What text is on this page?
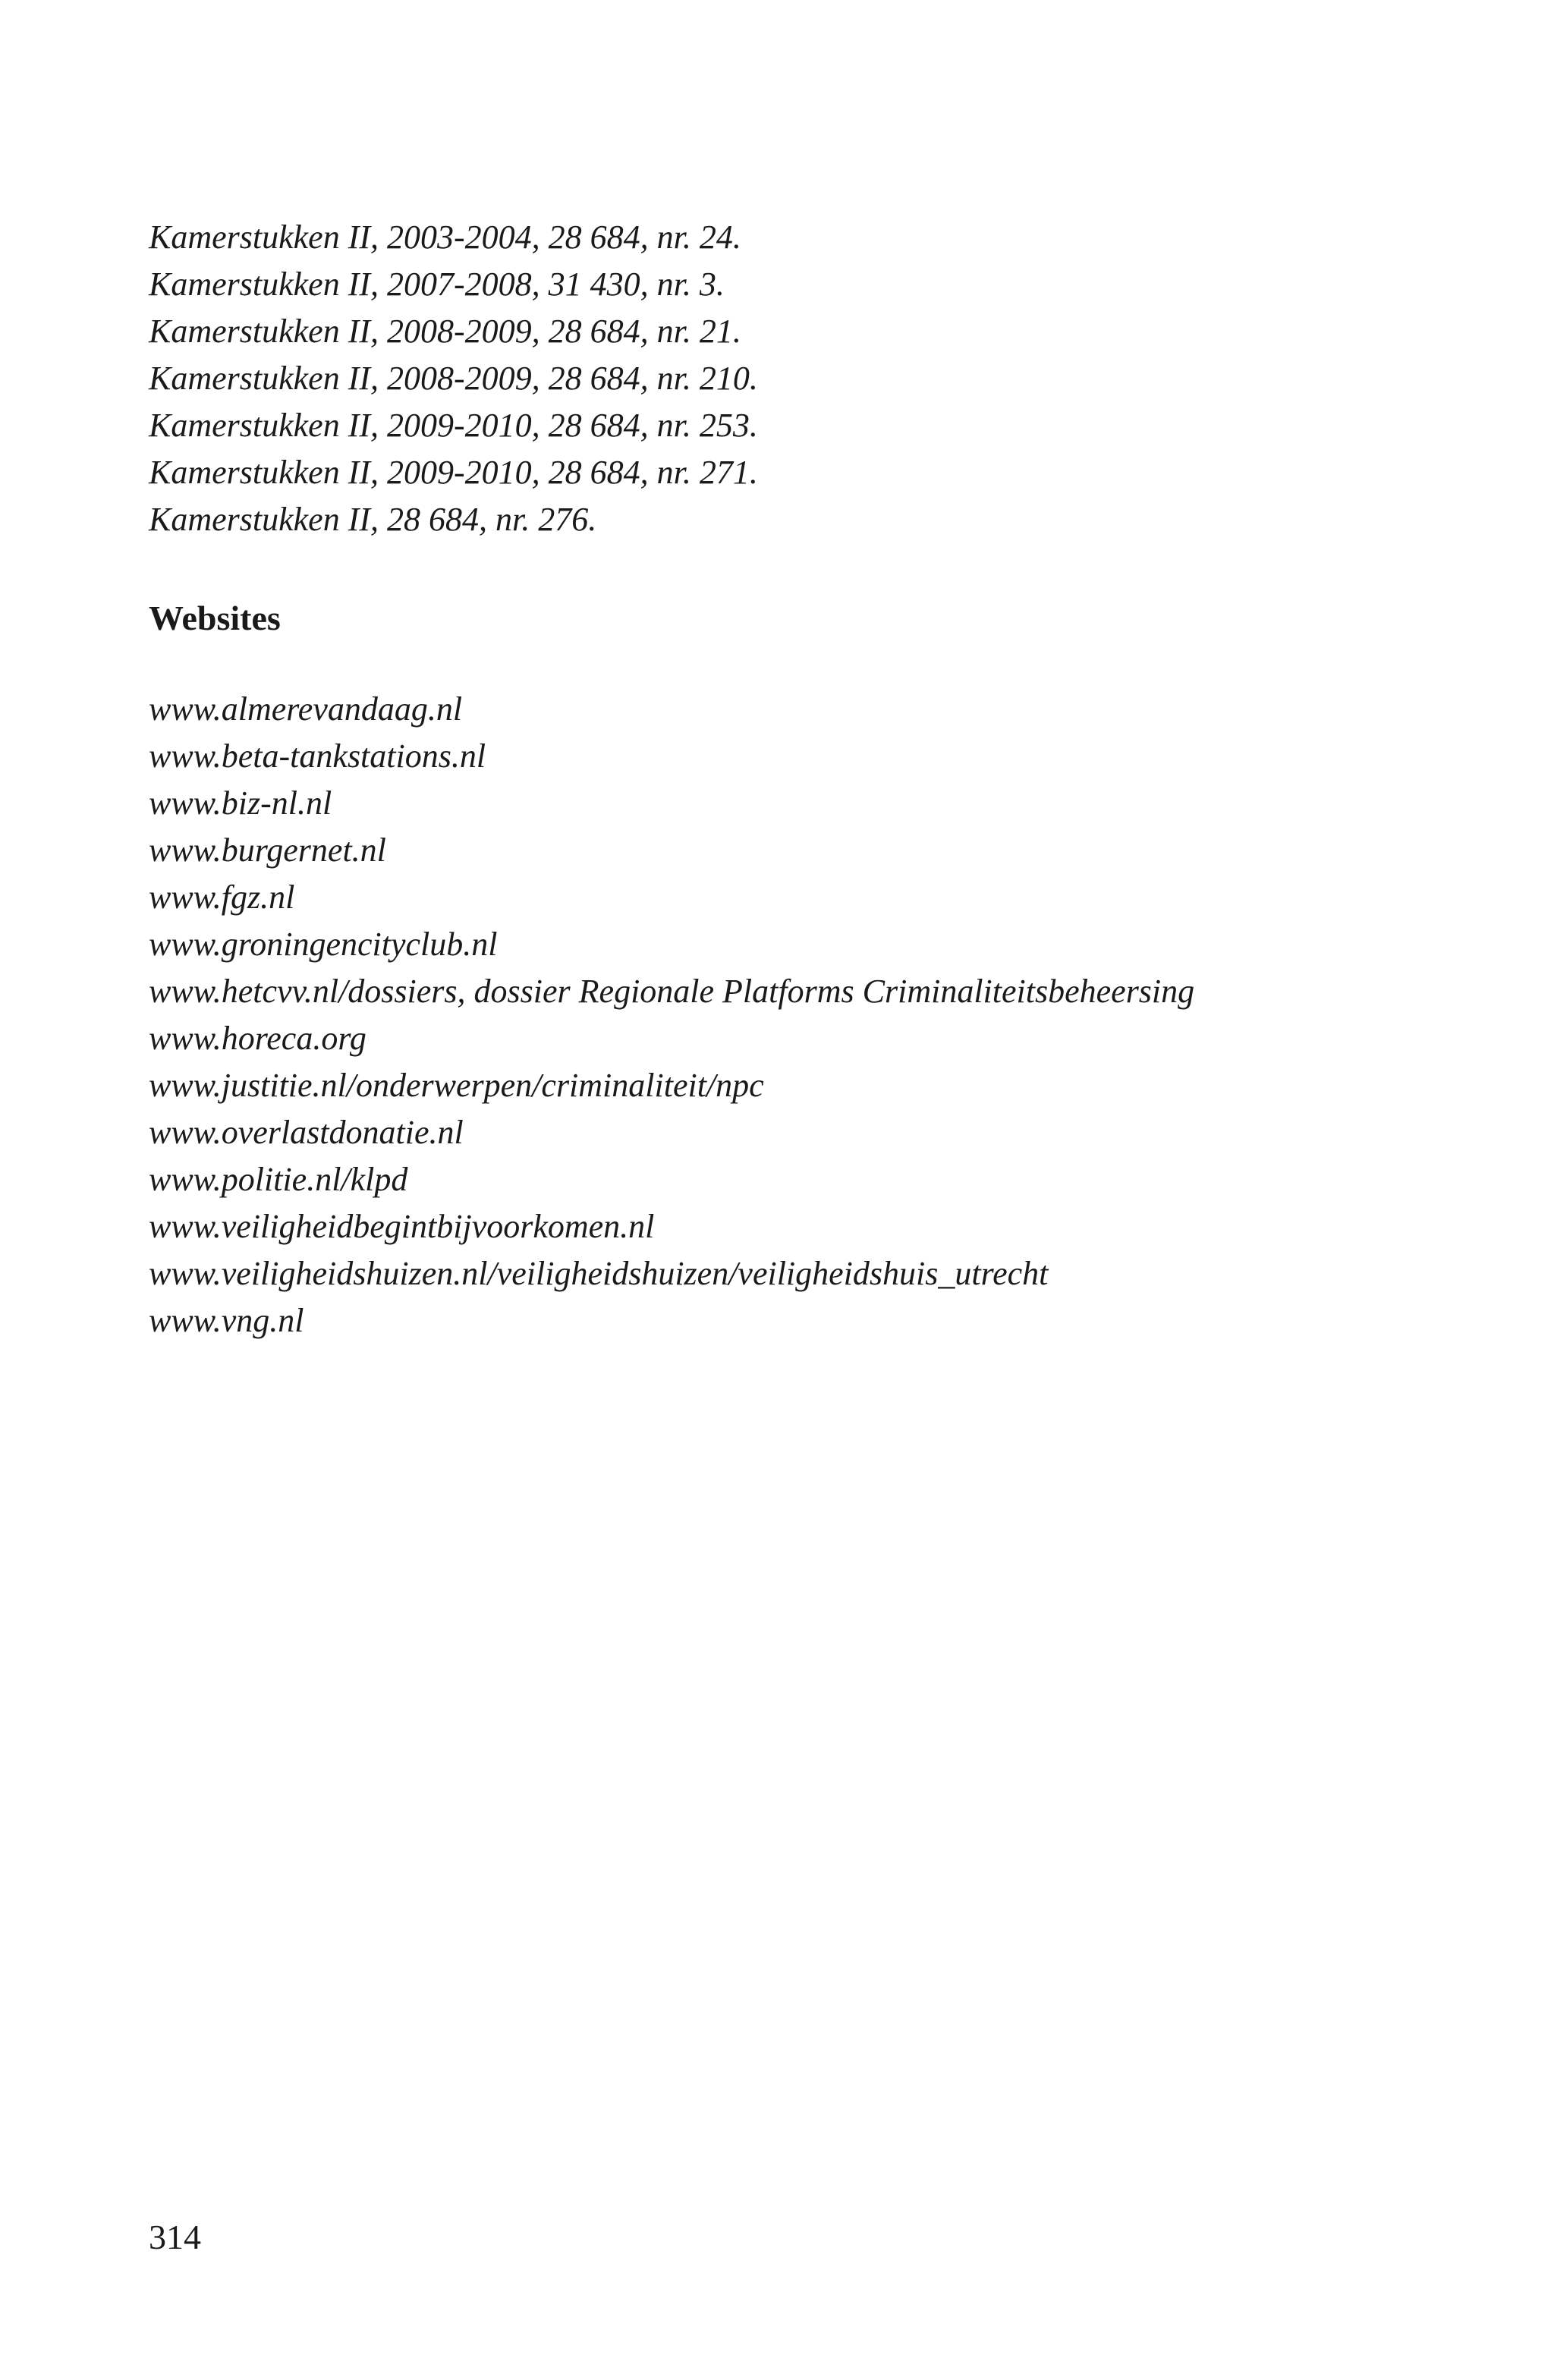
Kamerstukken II, 2003-2004, 28 684, nr. 24.
Kamerstukken II, 2007-2008, 31 430, nr. 3.
Kamerstukken II, 2008-2009, 28 684, nr. 21.
Kamerstukken II, 2008-2009, 28 684, nr. 210.
Kamerstukken II, 2009-2010, 28 684, nr. 253.
Kamerstukken II, 2009-2010, 28 684, nr. 271.
Kamerstukken II, 28 684, nr. 276.
Websites
www.almerevandaag.nl
www.beta-tankstations.nl
www.biz-nl.nl
www.burgernet.nl
www.fgz.nl
www.groningencityclub.nl
www.hetcvv.nl/dossiers, dossier Regionale Platforms Criminaliteitsbeheersing
www.horeca.org
www.justitie.nl/onderwerpen/criminaliteit/npc
www.overlastdonatie.nl
www.politie.nl/klpd
www.veiligheidbegintbijvoorkomen.nl
www.veiligheidshuizen.nl/veiligheidshuizen/veiligheidshuis_utrecht
www.vng.nl
314
